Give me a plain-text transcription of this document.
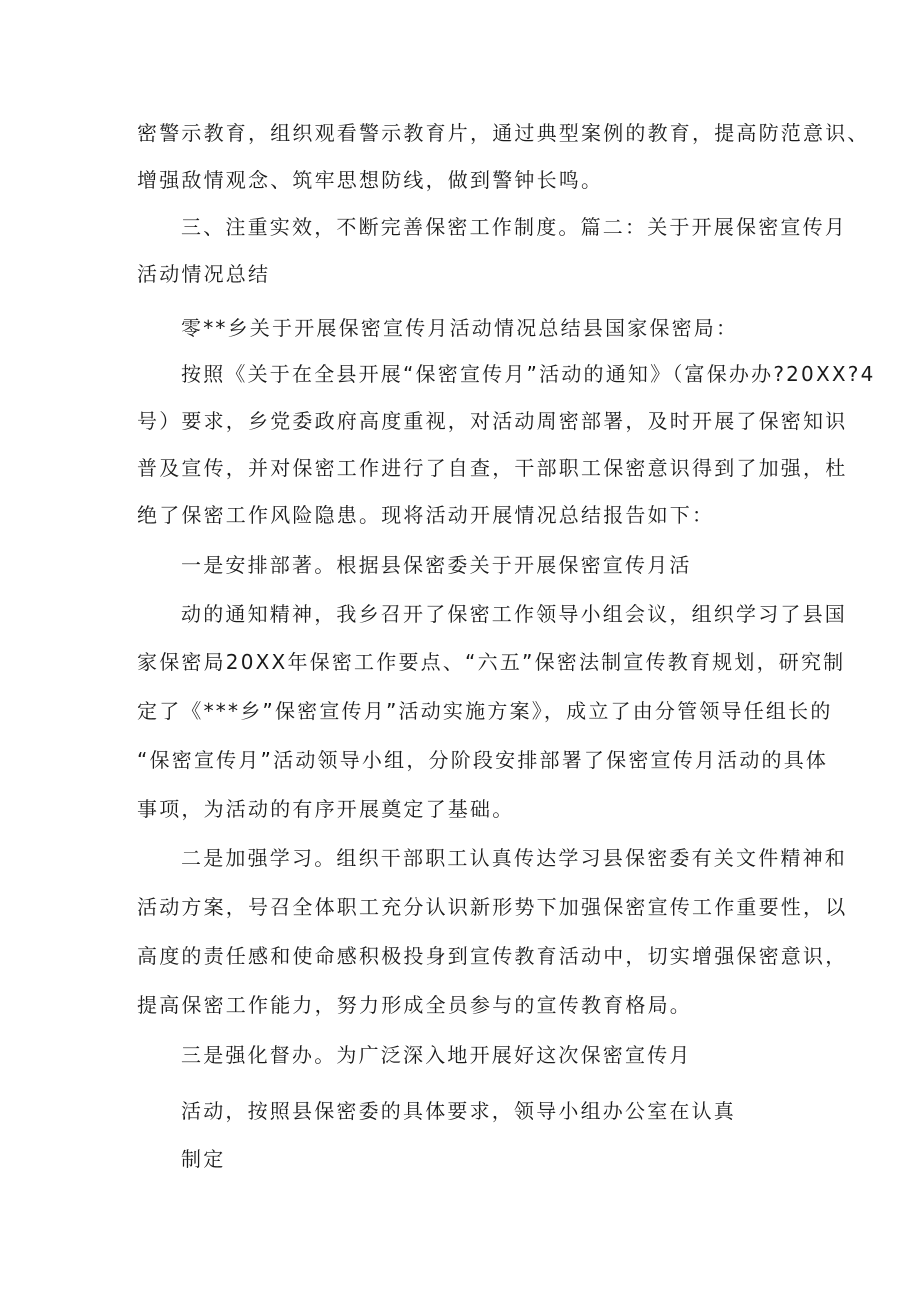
密警示教育，组织观看警示教育片，通过典型案例的教育，提高防范意识、

增强敌情观念、筑牢思想防线，做到警钟长鸣。

三、注重实效，不断完善保密工作制度。篇二：关于开展保密宣传月

活动情况总结

零**乡关于开展保密宣传月活动情况总结县国家保密局：

按照《关于在全县开展“保密宣传月”活动的通知》（富保办办?20XX?4

号）要求，乡党委政府高度重视，对活动周密部署，及时开展了保密知识

普及宣传，并对保密工作进行了自查，干部职工保密意识得到了加强，杜

绝了保密工作风险隐患。现将活动开展情况总结报告如下：

一是安排部著。根据县保密委关于开展保密宣传月活

动的通知精神，我乡召开了保密工作领导小组会议，组织学习了县国

家保密局20XX年保密工作要点、“六五”保密法制宣传教育规划，研究制

定了《***乡”保密宣传月”活动实施方案》，成立了由分管领导任组长的

“保密宣传月”活动领导小组，分阶段安排部署了保密宣传月活动的具体

事项，为活动的有序开展奠定了基础。

二是加强学习。组织干部职工认真传达学习县保密委有关文件精神和

活动方案，号召全体职工充分认识新形势下加强保密宣传工作重要性，以

高度的责任感和使命感积极投身到宣传教育活动中，切实增强保密意识，

提高保密工作能力，努力形成全员参与的宣传教育格局。

三是强化督办。为广泛深入地开展好这次保密宣传月

活动，按照县保密委的具体要求，领导小组办公室在认真

制定
